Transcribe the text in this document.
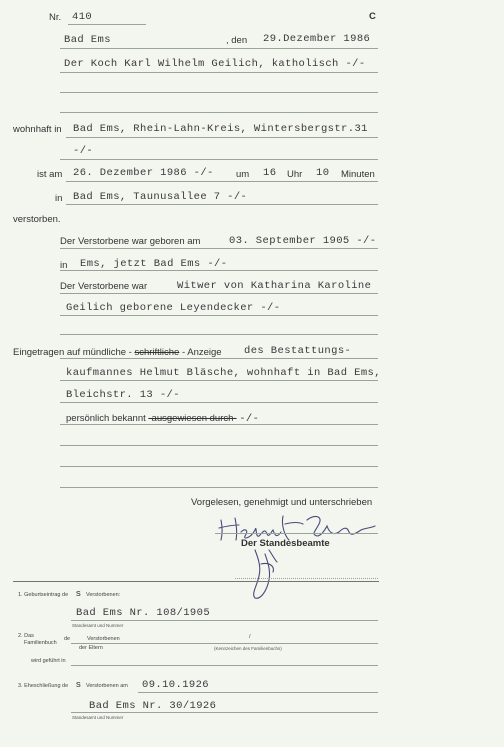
Nr. 410	C
Bad Ems	, den 29.Dezember 1986
Der Koch Karl Wilhelm Geilich, katholisch -/-
wohnhaft in Bad Ems, Rhein-Lahn-Kreis, Wintersbergstr.31
-/-
ist am 26. Dezember 1986 -/- um 16 Uhr 10 Minuten
in Bad Ems, Taunusallee 7 -/-
verstorben.
Der Verstorbene war geboren am	03. September 1905 -/-
in Ems, jetzt Bad Ems -/-
Der Verstorbene war	Witwer von Katharina Karoline
Geilich geborene Leyendecker -/-
Eingetragen auf mündliche - schriftliche - Anzeige des Bestattungs-
kaufmannes Helmut Bläsche, wohnhaft in Bad Ems,
Bleichstr. 13 -/-
persönlich bekannt -ausgewiesen durch- -/-
Vorgelesen, genehmigt und unterschrieben
Der Standesbeamte
1. Geburtseintrag de s Verstorbenen:
Bad Ems Nr. 108/1905
Standesamt und Nummer
2. Das
Familienbuch
de	Verstorbenen	/
der Eltern	(Kennzeichen des Familienbuchs)
wird geführt in
3. Eheschließung de s Verstorbenen am 09.10.1926
Bad Ems Nr. 30/1926
Standesamt und Nummer
